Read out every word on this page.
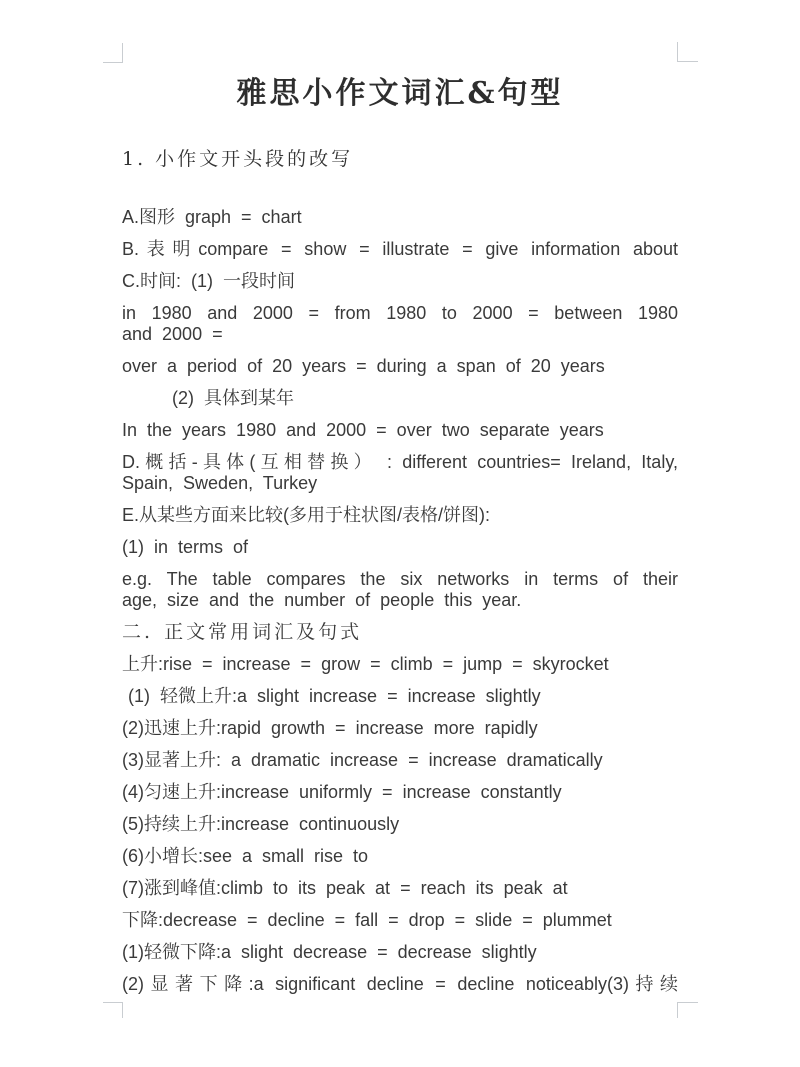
雅思小作文词汇&句型
1. 小作文开头段的改写
A.图形 graph = chart
B.表明compare = show = illustrate = give information about
C.时间: (1) 一段时间
in 1980 and 2000 = from 1980 to 2000 = between 1980
and 2000 =
over a period of 20 years = during a span of 20 years
(2) 具体到某年
In the years 1980 and 2000 = over two separate years
D.概括-具体(互相替换） : different countries= Ireland, Italy,
Spain, Sweden, Turkey
E.从某些方面来比较(多用于柱状图/表格/饼图):
(1) in terms of
e.g. The table compares the six networks in terms of their
age, size and the number of people this year.
二. 正文常用词汇及句式
上升:rise = increase = grow = climb = jump = skyrocket
(1) 轻微上升:a slight increase = increase slightly
(2)迅速上升:rapid growth = increase more rapidly
(3)显著上升: a dramatic increase = increase dramatically
(4)匀速上升:increase uniformly = increase constantly
(5)持续上升:increase continuously
(6)小增长:see a small rise to
(7)涨到峰值:climb to its peak at = reach its peak at
下降:decrease = decline = fall = drop = slide = plummet
(1)轻微下降:a slight decrease = decrease slightly
(2)显著下降:a significant decline = decline noticeably(3)持续
